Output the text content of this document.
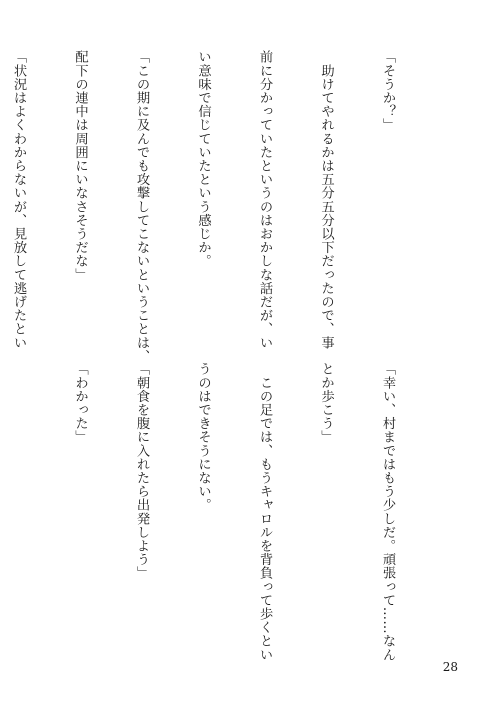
「そうか？」

　助けてやれるかは五分五分以下だったので、事

前に分かっていたというのはおかしな話だが、い

い意味で信じていたという感じか。

「この期に及んでも攻撃してこないということは、

配下の連中は周囲にいなさそうだな」

「状況はよくわからないが、見放して逃げたとい

「幸い、村まではもう少しだ。頑張って……なん

とか歩こう」

　この足では、もうキャロルを背負って歩くとい

うのはできそうにない。

「朝食を腹に入れたら出発しよう」

「わかった」

28
